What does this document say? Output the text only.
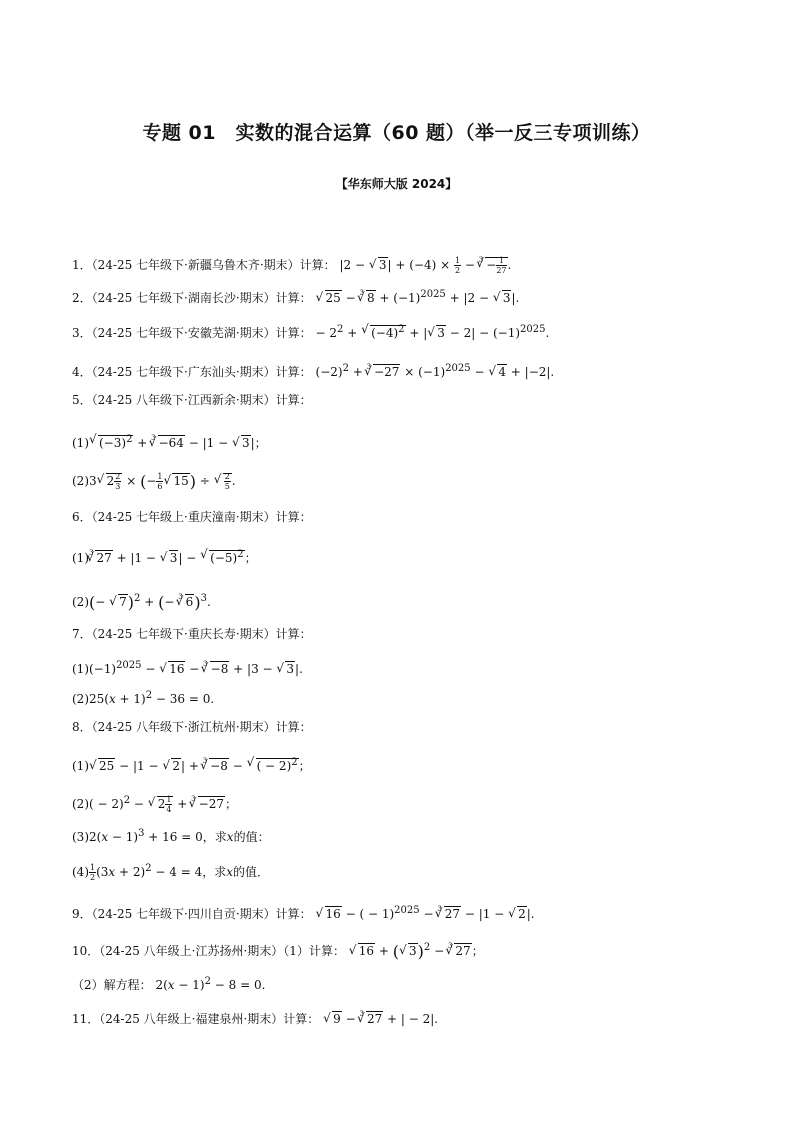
专题 01　实数的混合运算（60 题）（举一反三专项训练）
【华东师大版 2024】
1．（24-25 七年级下·新疆乌鲁木齐·期末）计算： |2 − √ $3| + (-4) \times \frac{1}{2} - ^3√ - \frac{1}{27}$ .
2．（24-25 七年级下·湖南长沙·期末）计算： √ 25 − $^3$√ $8 + (-1)^{2025} + |2$ − √ 3|.
3．（24-25 七年级下·安徽芜湖·期末）计算： − $2^2$ + √ $(-4)^2$ + |√ $3 - 2| - (-1)^{2025}$.
4．（24-25 七年级下·广东汕头·期末）计算： $(-2)^2 + ^3√ -27 \times (-1)^{2025}$ − √ 4 + |−2|.
5．（24-25 八年级下·江西新余·期末）计算：
(1)√ $(-3)^2 + ^3√ -64 - |1$ − √ 3|；
(2)3√ $2 \frac{2}{3}$ × (− $\frac{1}{6}$
√ 15) ÷
√ $\frac{2}{5}$ .
6．（24-25 七年级上·重庆潼南·期末）计算：
$(1)^3√$ 27 + |1 − √ 3| − √ $(-5)^2$；
(2)(− √ 7)$^2$ + (− $^3$√ 6)$^3$.
7．（24-25 七年级下·重庆长寿·期末）计算：
$(1)(-1)^{2025}$ − √ 16 − $^3$√ −8 + |3 − √ 3|.
$(2)25(x + 1)^2 - 36 = 0$.
8．（24-25 八年级下·浙江杭州·期末）计算：
(1)√ 25 − |1 − √ 2| + $^3$√ −8 − √ ( − 2)$^2$；
$(2)( - 2)^2$ − √ $2 \frac{1}{4} + ^3√ -27$；
$(3)2(x - 1)^3 + 16 = 0$，求x的值：
$(4) \frac{1}{2} (3x + 2)^2 - 4 = 4$，求x的值．
9．（24-25 七年级下·四川自贡·期末）计算： √ 16 − ( − 1)$^{2025}$ − $^3$√ 27 − |1 − √ 2|.
10．（24-25 八年级上·江苏扬州·期末）（1）计算： √ 16 + (√ 3)$^2$ − $^3$√ 27；
（2）解方程： $2(x - 1)^2 - 8 = 0$.
11．（24-25 八年级上·福建泉州·期末）计算： √ 9 − $^3$√ 27 + | − 2|.
